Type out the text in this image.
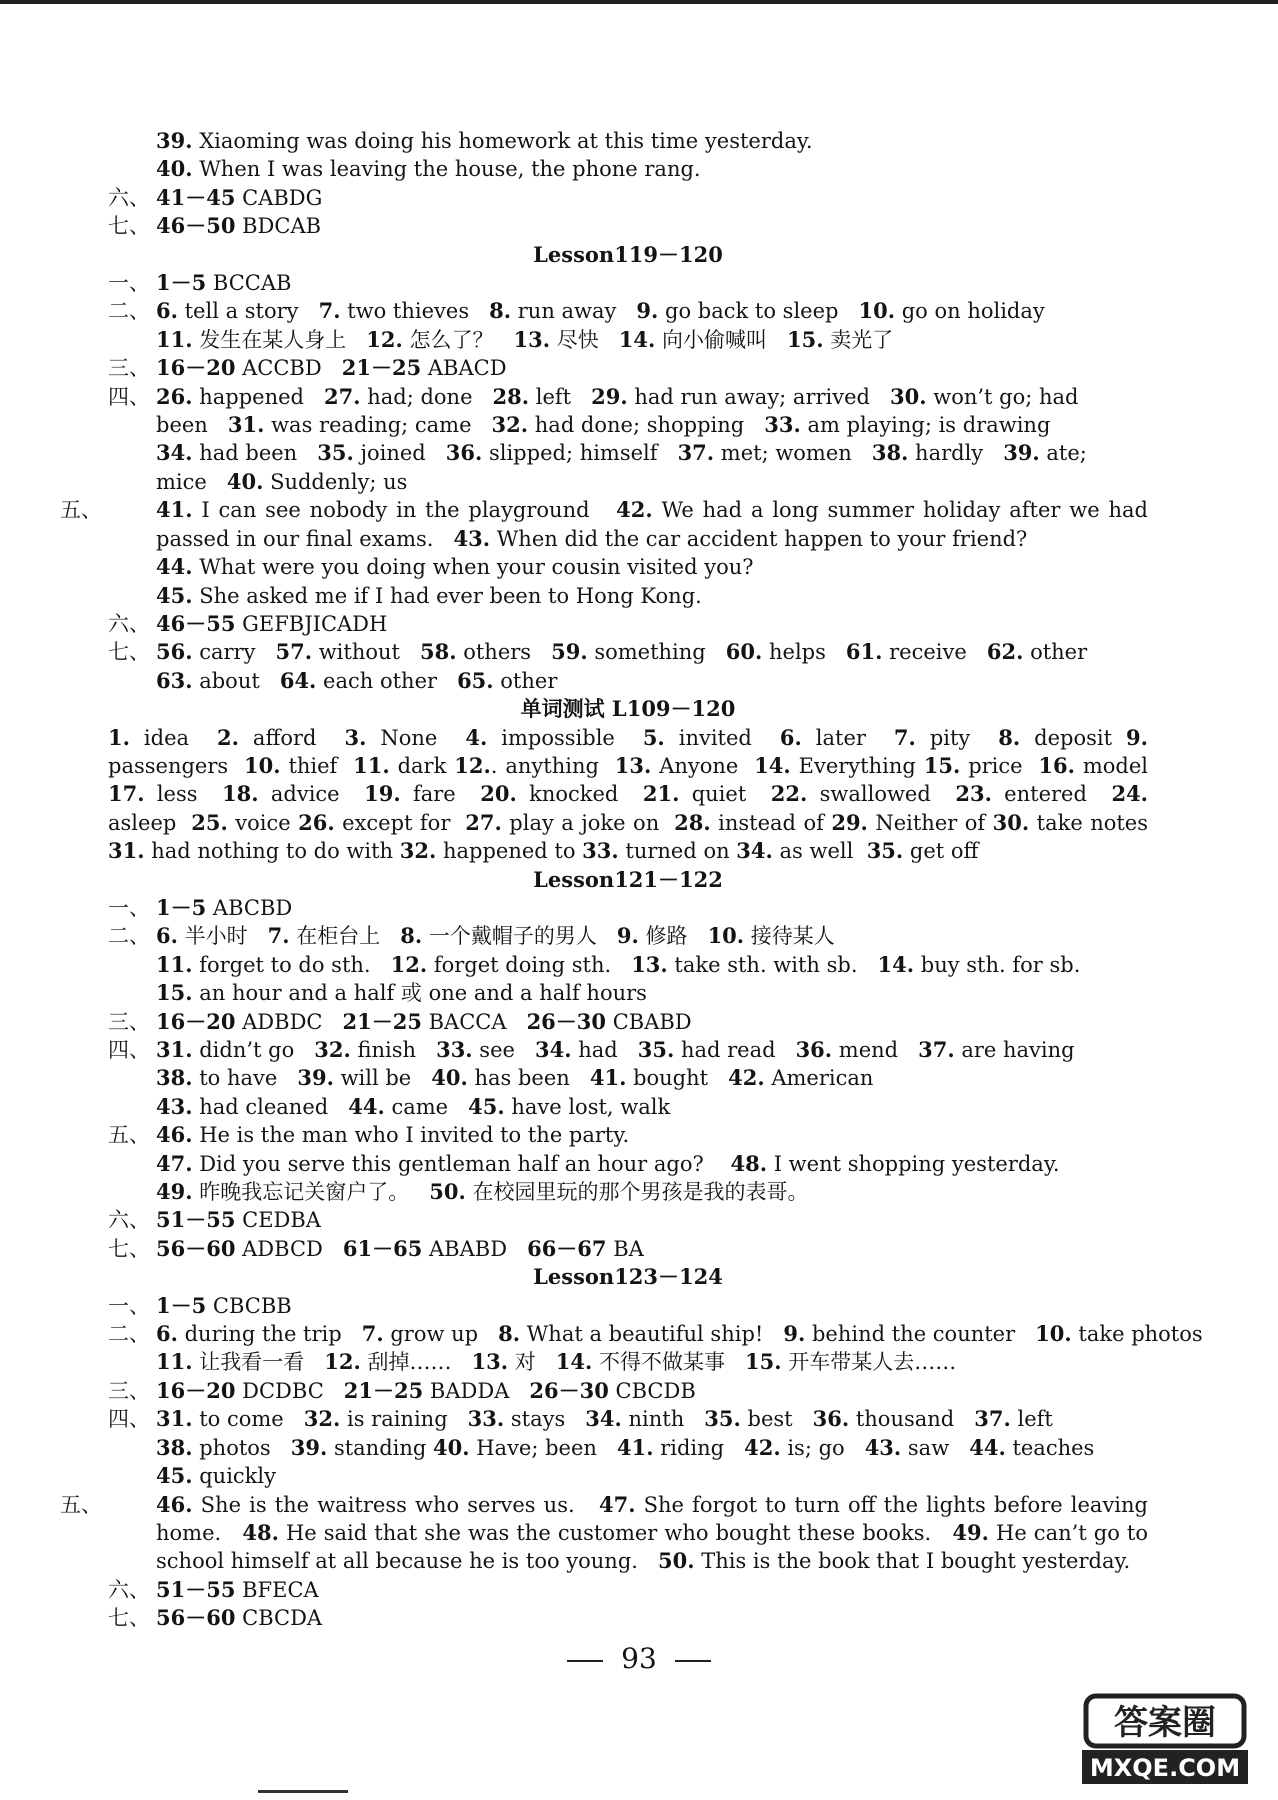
39. Xiaoming was doing his homework at this time yesterday.
40. When I was leaving the house, the phone rang.
六、 41－45 CABDG
七、 46－50 BDCAB
Lesson119－120
一、 1－5 BCCAB
二、 6. tell a story   7. two thieves   8. run away   9. go back to sleep   10. go on holiday
11. 发生在某人身上   12. 怎么了？   13. 尽快   14. 向小偷喊叫   15. 卖光了
三、 16－20 ACCBD   21－25 ABACD
四、 26. happened   27. had; done   28. left   29. had run away; arrived   30. won’t go; had
been   31. was reading; came   32. had done; shopping   33. am playing; is drawing
34. had been   35. joined   36. slipped; himself   37. met; women   38. hardly   39. ate;
mice   40. Suddenly; us
五、	41. I can see nobody in the playground   42. We had a long summer holiday after we had passed in our final exams.   43. When did the car accident happen to your friend?
44. What were you doing when your cousin visited you?
45. She asked me if I had ever been to Hong Kong.
六、 46－55 GEFBJICADH
七、 56. carry   57. without   58. others   59. something   60. helps   61. receive   62. other
63. about   64. each other   65. other
单词测试 L109－120
1. idea  2. afford  3. None  4. impossible  5. invited  6. later  7. pity  8. deposit 9. passengers  10. thief  11. dark 12.. anything  13. Anyone  14. Everything 15. price  16. model 17. less  18. advice  19. fare  20. knocked  21. quiet  22. swallowed  23. entered  24. asleep  25. voice 26. except for  27. play a joke on  28. instead of 29. Neither of 30. take notes 31. had nothing to do with 32. happened to 33. turned on 34. as well  35. get off
Lesson121－122
一、 1－5 ABCBD
二、 6. 半小时   7. 在柜台上   8. 一个戴帽子的男人   9. 修路   10. 接待某人
11. forget to do sth.   12. forget doing sth.   13. take sth. with sb.   14. buy sth. for sb.
15. an hour and a half 或 one and a half hours
三、 16－20 ADBDC   21－25 BACCA   26－30 CBABD
四、 31. didn’t go   32. finish   33. see   34. had   35. had read   36. mend   37. are having
38. to have   39. will be   40. has been   41. bought   42. American
43. had cleaned   44. came   45. have lost, walk
五、 46. He is the man who I invited to the party.
47. Did you serve this gentleman half an hour ago?    48. I went shopping yesterday.
49. 昨晚我忘记关窗户了。   50. 在校园里玩的那个男孩是我的表哥。
六、 51－55 CEDBA
七、 56－60 ADBCD   61－65 ABABD   66－67 BA
Lesson123－124
一、 1－5 CBCBB
二、 6. during the trip   7. grow up   8. What a beautiful ship!   9. behind the counter   10. take photos
11. 让我看一看   12. 刮掉……   13. 对   14. 不得不做某事   15. 开车带某人去……
三、 16－20 DCDBC   21－25 BADDA   26－30 CBCDB
四、 31. to come   32. is raining   33. stays   34. ninth   35. best   36. thousand   37. left
38. photos   39. standing 40. Have; been   41. riding   42. is; go   43. saw   44. teaches
45. quickly
五、	46. She is the waitress who serves us.   47. She forgot to turn off the lights before leaving home.   48. He said that she was the customer who bought these books.   49. He can’t go to school himself at all because he is too young.   50. This is the book that I bought yesterday.
六、 51－55 BFECA
七、 56－60 CBCDA
93
答案圈
MXQE.COM
